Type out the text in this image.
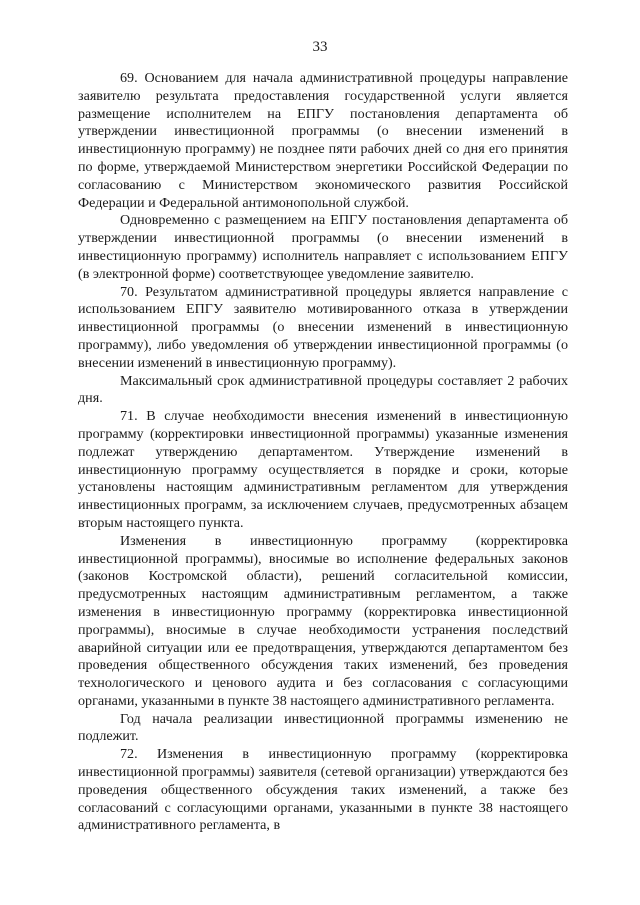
33

69. Основанием для начала административной процедуры направление заявителю результата предоставления государственной услуги является размещение исполнителем на ЕПГУ постановления департамента об утверждении инвестиционной программы (о внесении изменений в инвестиционную программу) не позднее пяти рабочих дней со дня его принятия по форме, утверждаемой Министерством энергетики Российской Федерации по согласованию с Министерством экономического развития Российской Федерации и Федеральной антимонопольной службой.

Одновременно с размещением на ЕПГУ постановления департамента об утверждении инвестиционной программы (о внесении изменений в инвестиционную программу) исполнитель направляет с использованием ЕПГУ (в электронной форме) соответствующее уведомление заявителю.

70. Результатом административной процедуры является направление с использованием ЕПГУ заявителю мотивированного отказа в утверждении инвестиционной программы (о внесении изменений в инвестиционную программу), либо уведомления об утверждении инвестиционной программы (о внесении изменений в инвестиционную программу).

Максимальный срок административной процедуры составляет 2 рабочих дня.

71. В случае необходимости внесения изменений в инвестиционную программу (корректировки инвестиционной программы) указанные изменения подлежат утверждению департаментом. Утверждение изменений в инвестиционную программу осуществляется в порядке и сроки, которые установлены настоящим административным регламентом для утверждения инвестиционных программ, за исключением случаев, предусмотренных абзацем вторым настоящего пункта.

Изменения в инвестиционную программу (корректировка инвестиционной программы), вносимые во исполнение федеральных законов (законов Костромской области), решений согласительной комиссии, предусмотренных настоящим административным регламентом, а также изменения в инвестиционную программу (корректировка инвестиционной программы), вносимые в случае необходимости устранения последствий аварийной ситуации или ее предотвращения, утверждаются департаментом без проведения общественного обсуждения таких изменений, без проведения технологического и ценового аудита и без согласования с согласующими органами, указанными в пункте 38 настоящего административного регламента.

Год начала реализации инвестиционной программы изменению не подлежит.

72. Изменения в инвестиционную программу (корректировка инвестиционной программы) заявителя (сетевой организации) утверждаются без проведения общественного обсуждения таких изменений, а также без согласований с согласующими органами, указанными в пункте 38 настоящего административного регламента, в
